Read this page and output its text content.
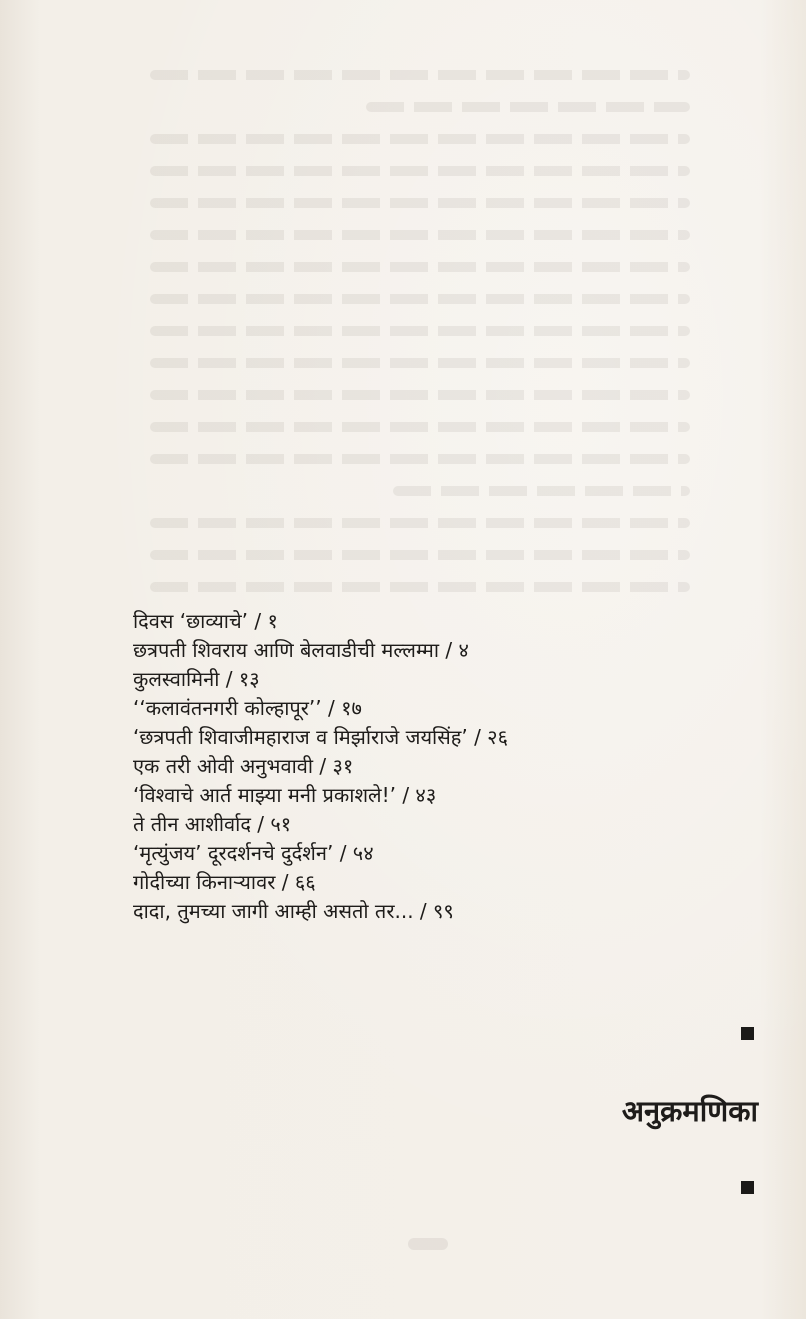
दिवस ‘छाव्याचे’ / १
छत्रपती शिवराय आणि बेलवाडीची मल्लम्मा / ४
कुलस्वामिनी / १३
‘‘कलावंतनगरी कोल्हापूर’’ / १७
‘छत्रपती शिवाजीमहाराज व मिर्झाराजे जयसिंह’ / २६
एक तरी ओवी अनुभवावी / ३१
‘विश्वाचे आर्त माझ्या मनी प्रकाशले!’ / ४३
ते तीन आशीर्वाद / ५१
‘मृत्युंजय’ दूरदर्शनचे दुर्दर्शन’ / ५४
गोदीच्या किनाऱ्यावर / ६६
दादा, तुमच्या जागी आम्ही असतो तर... / ९९
अनुक्रमणिका
